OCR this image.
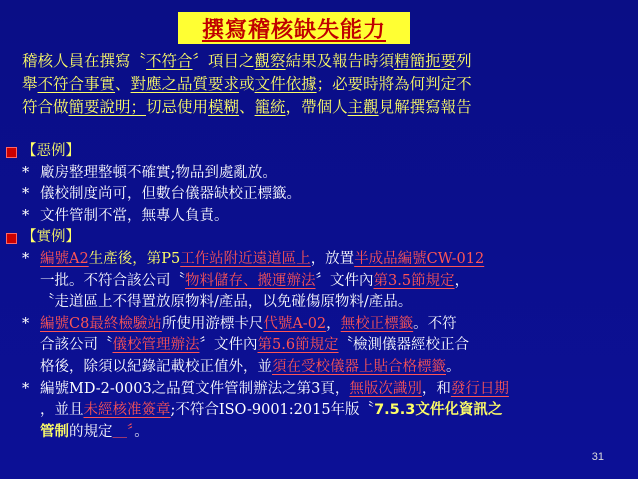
撰寫稽核缺失能力
稽核人員在撰寫〝不符合〞項目之觀察結果及報告時須精簡扼要列
舉不符合事實、對應之品質要求或文件依據；必要時將為何判定不
符合做簡要說明；切忌使用模糊、籠統，帶個人主觀見解撰寫報告
【惡例】
* 廠房整理整頓不確實;物品到處亂放。
* 儀校制度尚可，但數台儀器缺校正標籤。
* 文件管制不當，無專人負責。
【實例】
* 編號A2生產後，第P5工作站附近遠道區上，放置半成品編號CW-012
一批。不符合該公司〝物料儲存、搬運辦法〞文件內第3.5節規定，
〝走道區上不得置放原物料/產品，以免碰傷原物料/產品。
* 編號C8最終檢驗站所使用游標卡尺代號A-02，無校正標籤。不符
合該公司〝儀校管理辦法〞文件內第5.6節規定〝檢測儀器經校正合
格後，除須以紀錄記載校正值外，並須在受校儀器上貼合格標籤。
* 編號MD-2-0003之品質文件管制辦法之第3頁，無版次識別，和發行日期
，並且未經核准簽章;不符合ISO-9001:2015年版〝7.5.3文件化資訊之
管制的規定＿〞。
31
